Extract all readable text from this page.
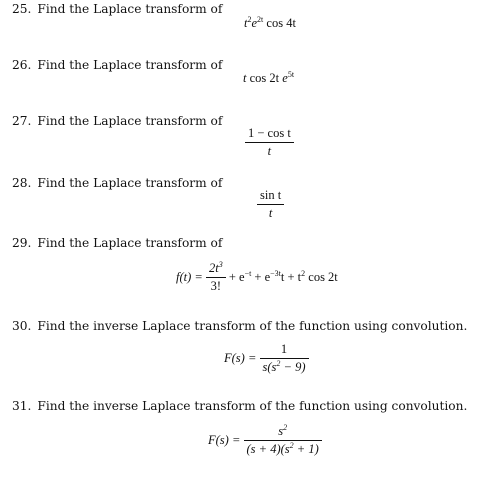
25. Find the Laplace transform of
$t^2e^{2t}$ cos 4t
26. Find the Laplace transform of
t cos 2t $e^{5t}$
27. Find the Laplace transform of
$\frac{\text{1 − cos t}}{t}$
28. Find the Laplace transform of
$\frac{\text{sin t}}{t}$
29. Find the Laplace transform of
$f(t) = \frac{2t^3}{3!} + e^{-t} + e^{-3t}t + t^2$ cos 2t
30. Find the inverse Laplace transform of the function using convolution.
$F(s) = \frac{1}{s(s^2 - 9)}$
31. Find the inverse Laplace transform of the function using convolution.
$F(s) = \frac{s^2}{(s + 4)(s^2 + 1)}$
